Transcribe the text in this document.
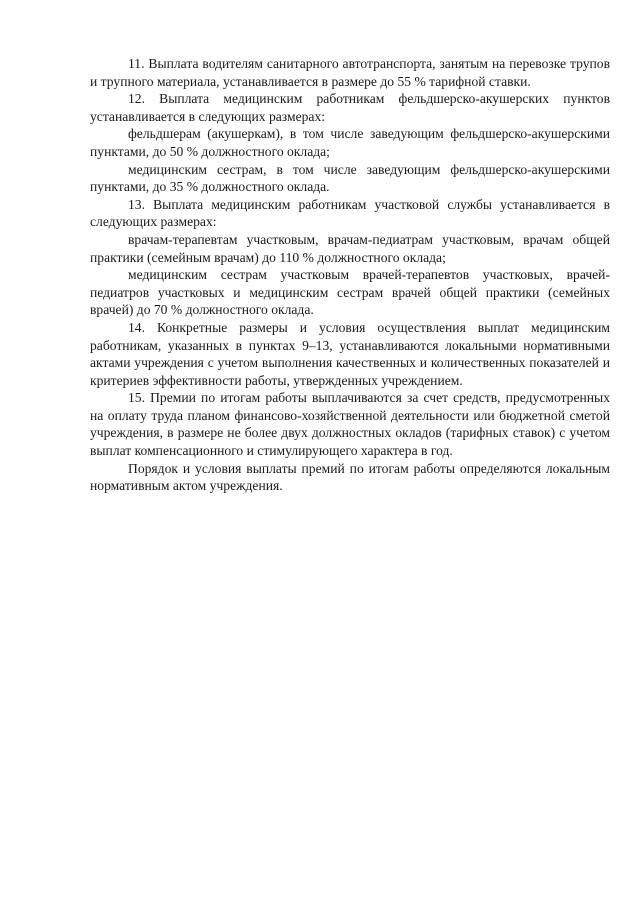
11. Выплата водителям санитарного автотранспорта, занятым на перевозке трупов и трупного материала, устанавливается в размере до 55 % тарифной ставки.

12. Выплата медицинским работникам фельдшерско-акушерских пунктов устанавливается в следующих размерах:

фельдшерам (акушеркам), в том числе заведующим фельдшерско-акушерскими пунктами, до 50 % должностного оклада;

медицинским сестрам, в том числе заведующим фельдшерско-акушерскими пунктами, до 35 % должностного оклада.

13. Выплата медицинским работникам участковой службы устанавливается в следующих размерах:

врачам-терапевтам участковым, врачам-педиатрам участковым, врачам общей практики (семейным врачам) до 110 % должностного оклада;

медицинским сестрам участковым врачей-терапевтов участковых, врачей-педиатров участковых и медицинским сестрам врачей общей практики (семейных врачей) до 70 % должностного оклада.

14. Конкретные размеры и условия осуществления выплат медицинским работникам, указанных в пунктах 9–13, устанавливаются локальными нормативными актами учреждения с учетом выполнения качественных и количественных показателей и критериев эффективности работы, утвержденных учреждением.

15. Премии по итогам работы выплачиваются за счет средств, предусмотренных на оплату труда планом финансово-хозяйственной деятельности или бюджетной сметой учреждения, в размере не более двух должностных окладов (тарифных ставок) с учетом выплат компенсационного и стимулирующего характера в год.

Порядок и условия выплаты премий по итогам работы определяются локальным нормативным актом учреждения.
